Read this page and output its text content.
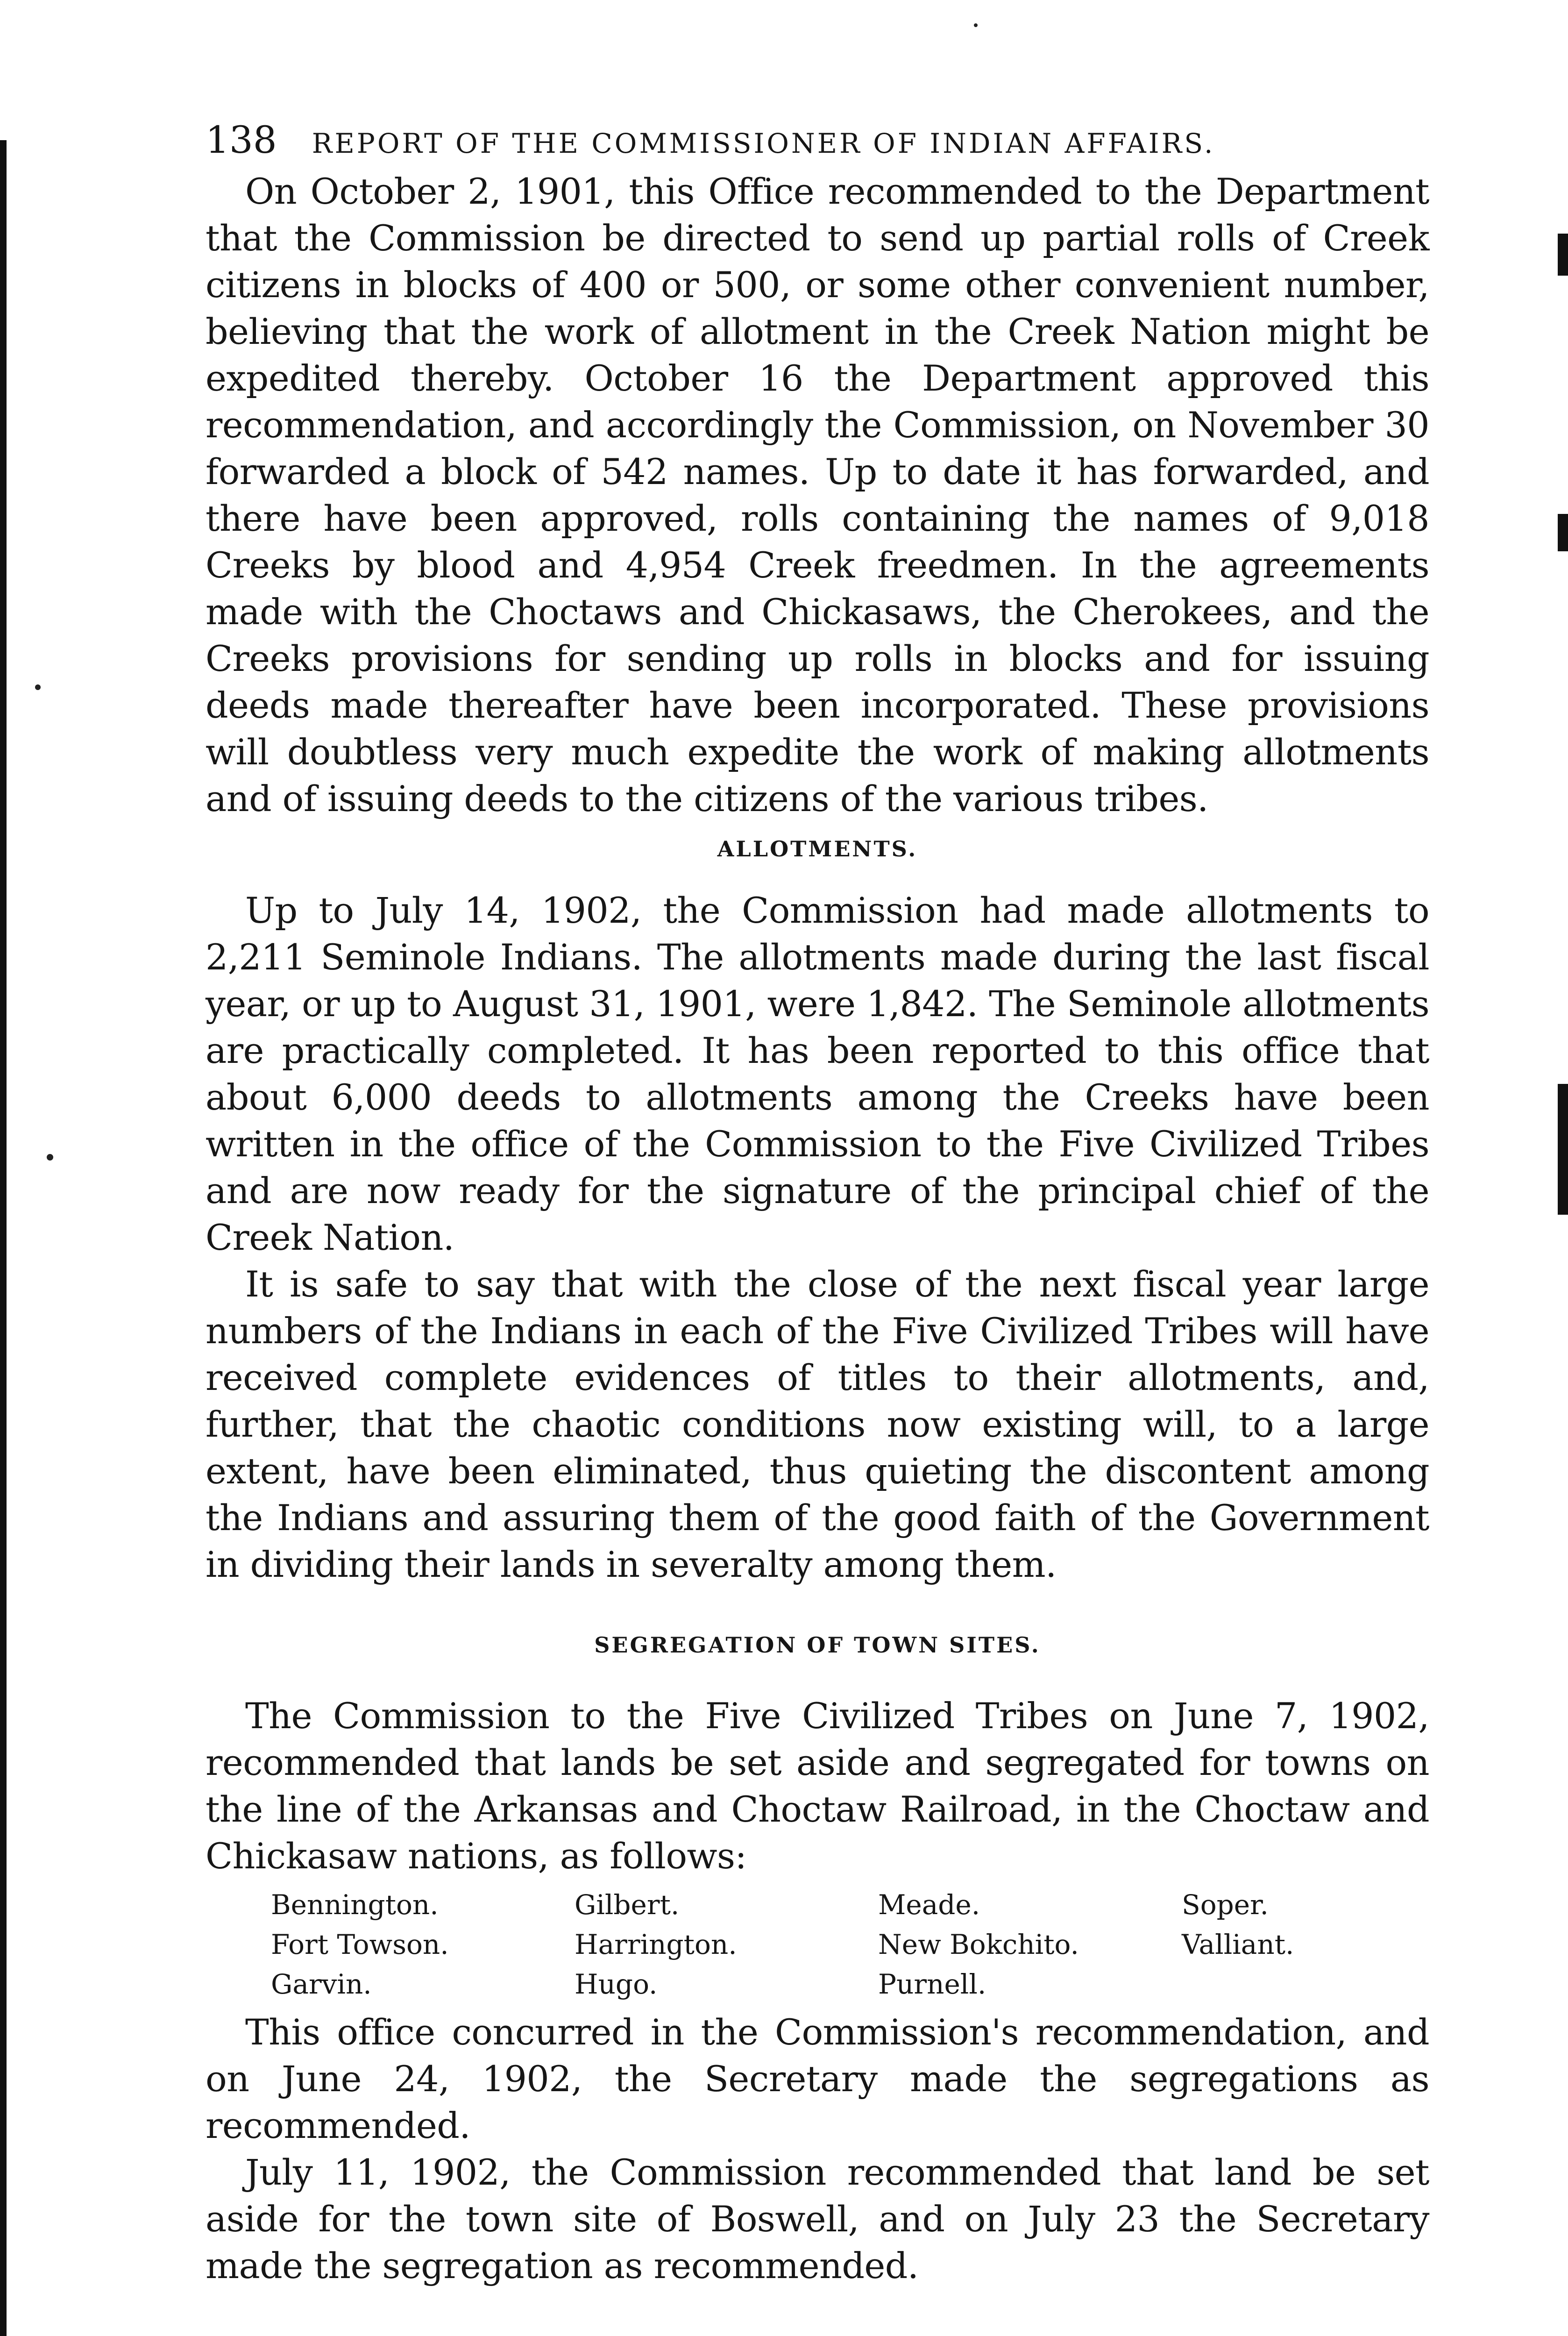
138 REPORT OF THE COMMISSIONER OF INDIAN AFFAIRS.

On October 2, 1901, this Office recommended to the Department that the Commission be directed to send up partial rolls of Creek citizens in blocks of 400 or 500, or some other convenient number, believing that the work of allotment in the Creek Nation might be expedited thereby. October 16 the Department approved this recommendation, and accordingly the Commission, on November 30 forwarded a block of 542 names. Up to date it has forwarded, and there have been approved, rolls containing the names of 9,018 Creeks by blood and 4,954 Creek freedmen. In the agreements made with the Choctaws and Chickasaws, the Cherokees, and the Creeks provisions for sending up rolls in blocks and for issuing deeds made thereafter have been incorporated. These provisions will doubtless very much expedite the work of making allotments and of issuing deeds to the citizens of the various tribes.

ALLOTMENTS.

Up to July 14, 1902, the Commission had made allotments to 2,211 Seminole Indians. The allotments made during the last fiscal year, or up to August 31, 1901, were 1,842. The Seminole allotments are practically completed. It has been reported to this office that about 6,000 deeds to allotments among the Creeks have been written in the office of the Commission to the Five Civilized Tribes and are now ready for the signature of the principal chief of the Creek Nation.

It is safe to say that with the close of the next fiscal year large numbers of the Indians in each of the Five Civilized Tribes will have received complete evidences of titles to their allotments, and, further, that the chaotic conditions now existing will, to a large extent, have been eliminated, thus quieting the discontent among the Indians and assuring them of the good faith of the Government in dividing their lands in severalty among them.

SEGREGATION OF TOWN SITES.

The Commission to the Five Civilized Tribes on June 7, 1902, recommended that lands be set aside and segregated for towns on the line of the Arkansas and Choctaw Railroad, in the Choctaw and Chickasaw nations, as follows:

Bennington.	Gilbert.	Meade.	Soper.
Fort Towson.	Harrington.	New Bokchito.	Valliant.
Garvin.	Hugo.	Purnell.

This office concurred in the Commission's recommendation, and on June 24, 1902, the Secretary made the segregations as recommended.

July 11, 1902, the Commission recommended that land be set aside for the town site of Boswell, and on July 23 the Secretary made the segregation as recommended.
